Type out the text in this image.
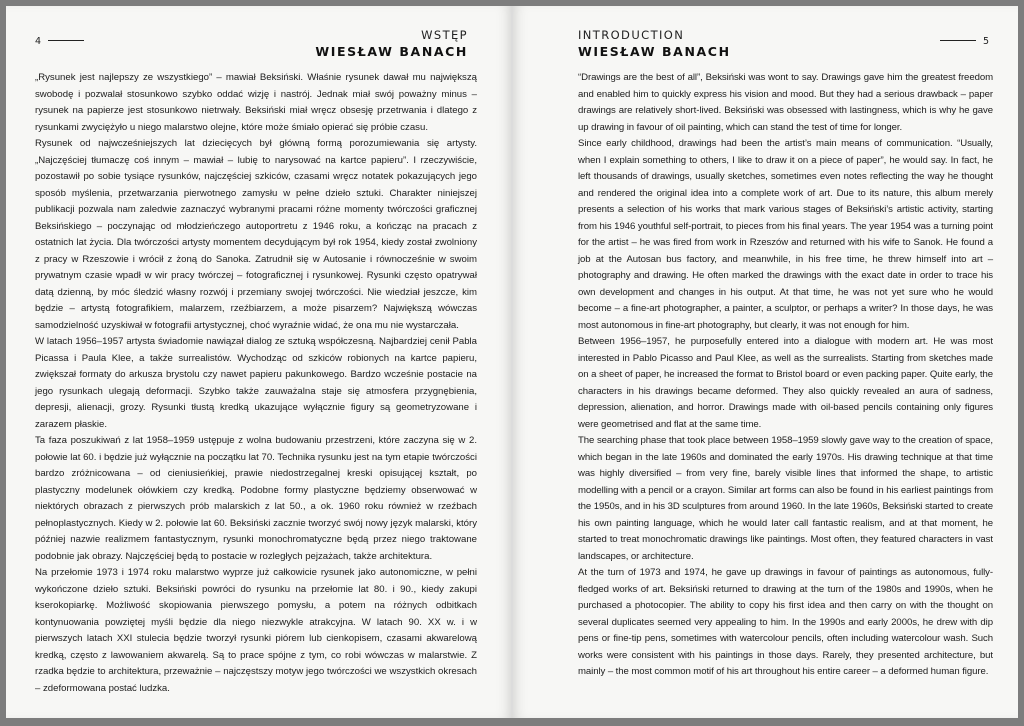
4	WSTĘP
WIESŁAW BANACH

„Rysunek jest najlepszy ze wszystkiego” – mawiał Beksiński. Właśnie rysunek dawał mu największą swobodę i pozwalał stosunkowo szybko oddać wizję i nastrój. Jednak miał swój poważny minus – rysunek na papierze jest stosunkowo nietrwały. Beksiński miał wręcz obsesję przetrwania i dlatego z rysunkami zwyciężyło u niego malarstwo olejne, które może śmiało opierać się próbie czasu.

Rysunek od najwcześniejszych lat dziecięcych był główną formą porozumiewania się artysty. „Najczęściej tłumaczę coś innym – mawiał – lubię to narysować na kartce papieru”. I rzeczywiście, pozostawił po sobie tysiące rysunków, najczęściej szkiców, czasami wręcz notatek pokazujących jego sposób myślenia, przetwarzania pierwotnego zamysłu w pełne dzieło sztuki. Charakter niniejszej publikacji pozwala nam zaledwie zaznaczyć wybranymi pracami różne momenty twórczości graficznej Beksińskiego – poczynając od młodzieńczego autoportretu z 1946 roku, a kończąc na pracach z ostatnich lat życia. Dla twórczości artysty momentem decydującym był rok 1954, kiedy został zwolniony z pracy w Rzeszowie i wrócił z żoną do Sanoka. Zatrudnił się w Autosanie i równocześnie w swoim prywatnym czasie wpadł w wir pracy twórczej – fotograficznej i rysunkowej. Rysunki często opatrywał datą dzienną, by móc śledzić własny rozwój i przemiany swojej twórczości. Nie wiedział jeszcze, kim będzie – artystą fotografikiem, malarzem, rzeźbiarzem, a może pisarzem? Największą wówczas samodzielność uzyskiwał w fotografii artystycznej, choć wyraźnie widać, że ona mu nie wystarczała.

W latach 1956–1957 artysta świadomie nawiązał dialog ze sztuką współczesną. Najbardziej cenił Pabla Picassa i Paula Klee, a także surrealistów. Wychodząc od szkiców robionych na kartce papieru, zwiększał formaty do arkusza brystolu czy nawet papieru pakunkowego. Bardzo wcześnie postacie na jego rysunkach ulegają deformacji. Szybko także zauważalna staje się atmosfera przygnębienia, depresji, alienacji, grozy. Rysunki tłustą kredką ukazujące wyłącznie figury są geometryzowane i zarazem płaskie.

Ta faza poszukiwań z lat 1958–1959 ustępuje z wolna budowaniu przestrzeni, które zaczyna się w 2. połowie lat 60. i będzie już wyłącznie na początku lat 70. Technika rysunku jest na tym etapie twórczości bardzo zróżnicowana – od cieniusieńkiej, prawie niedostrzegalnej kreski opisującej kształt, po plastyczny modelunek ołówkiem czy kredką. Podobne formy plastyczne będziemy obserwować w niektórych obrazach z pierwszych prób malarskich z lat 50., a ok. 1960 roku również w rzeźbach pełnoplastycznych. Kiedy w 2. połowie lat 60. Beksiński zacznie tworzyć swój nowy język malarski, który później nazwie realizmem fantastycznym, rysunki monochromatyczne będą przez niego traktowane podobnie jak obrazy. Najczęściej będą to postacie w rozległych pejzażach, także architektura.

Na przełomie 1973 i 1974 roku malarstwo wyprze już całkowicie rysunek jako autonomiczne, w pełni wykończone dzieło sztuki. Beksiński powróci do rysunku na przełomie lat 80. i 90., kiedy zakupi kserokopiarkę. Możliwość skopiowania pierwszego pomysłu, a potem na różnych odbitkach kontynuowania powziętej myśli będzie dla niego niezwykle atrakcyjna. W latach 90. XX w. i w pierwszych latach XXI stulecia będzie tworzył rysunki piórem lub cienkopisem, czasami akwarelową kredką, często z lawowaniem akwarelą. Są to prace spójne z tym, co robi wówczas w malarstwie. Z rzadka będzie to architektura, przeważnie – najczęstszy motyw jego twórczości we wszystkich okresach – zdeformowana postać ludzka.

5
INTRODUCTION
WIESŁAW BANACH

“Drawings are the best of all”, Beksiński was wont to say. Drawings gave him the greatest freedom and enabled him to quickly express his vision and mood. But they had a serious drawback – paper drawings are relatively short-lived. Beksiński was obsessed with lastingness, which is why he gave up drawing in favour of oil painting, which can stand the test of time for longer.

Since early childhood, drawings had been the artist’s main means of communication. “Usually, when I explain something to others, I like to draw it on a piece of paper”, he would say. In fact, he left thousands of drawings, usually sketches, sometimes even notes reflecting the way he thought and rendered the original idea into a complete work of art. Due to its nature, this album merely presents a selection of his works that mark various stages of Beksiński’s artistic activity, starting from his 1946 youthful self-portrait, to pieces from his final years. The year 1954 was a turning point for the artist – he was fired from work in Rzeszów and returned with his wife to Sanok. He found a job at the Autosan bus factory, and meanwhile, in his free time, he threw himself into art – photography and drawing. He often marked the drawings with the exact date in order to trace his own development and changes in his output. At that time, he was not yet sure who he would become – a fine-art photographer, a painter, a sculptor, or perhaps a writer? In those days, he was most autonomous in fine-art photography, but clearly, it was not enough for him.

Between 1956–1957, he purposefully entered into a dialogue with modern art. He was most interested in Pablo Picasso and Paul Klee, as well as the surrealists. Starting from sketches made on a sheet of paper, he increased the format to Bristol board or even packing paper. Quite early, the characters in his drawings became deformed. They also quickly revealed an aura of sadness, depression, alienation, and horror. Drawings made with oil-based pencils containing only figures were geometrised and flat at the same time.

The searching phase that took place between 1958–1959 slowly gave way to the creation of space, which began in the late 1960s and dominated the early 1970s. His drawing technique at that time was highly diversified – from very fine, barely visible lines that informed the shape, to artistic modelling with a pencil or a crayon. Similar art forms can also be found in his earliest paintings from the 1950s, and in his 3D sculptures from around 1960. In the late 1960s, Beksiński started to create his own painting language, which he would later call fantastic realism, and at that moment, he started to treat monochromatic drawings like paintings. Most often, they featured characters in vast landscapes, or architecture.

At the turn of 1973 and 1974, he gave up drawings in favour of paintings as autonomous, fully-fledged works of art. Beksiński returned to drawing at the turn of the 1980s and 1990s, when he purchased a photocopier. The ability to copy his first idea and then carry on with the thought on several duplicates seemed very appealing to him. In the 1990s and early 2000s, he drew with dip pens or fine-tip pens, sometimes with watercolour pencils, often including watercolour wash. Such works were consistent with his paintings in those days. Rarely, they presented architecture, but mainly – the most common motif of his art throughout his entire career – a deformed human figure.
